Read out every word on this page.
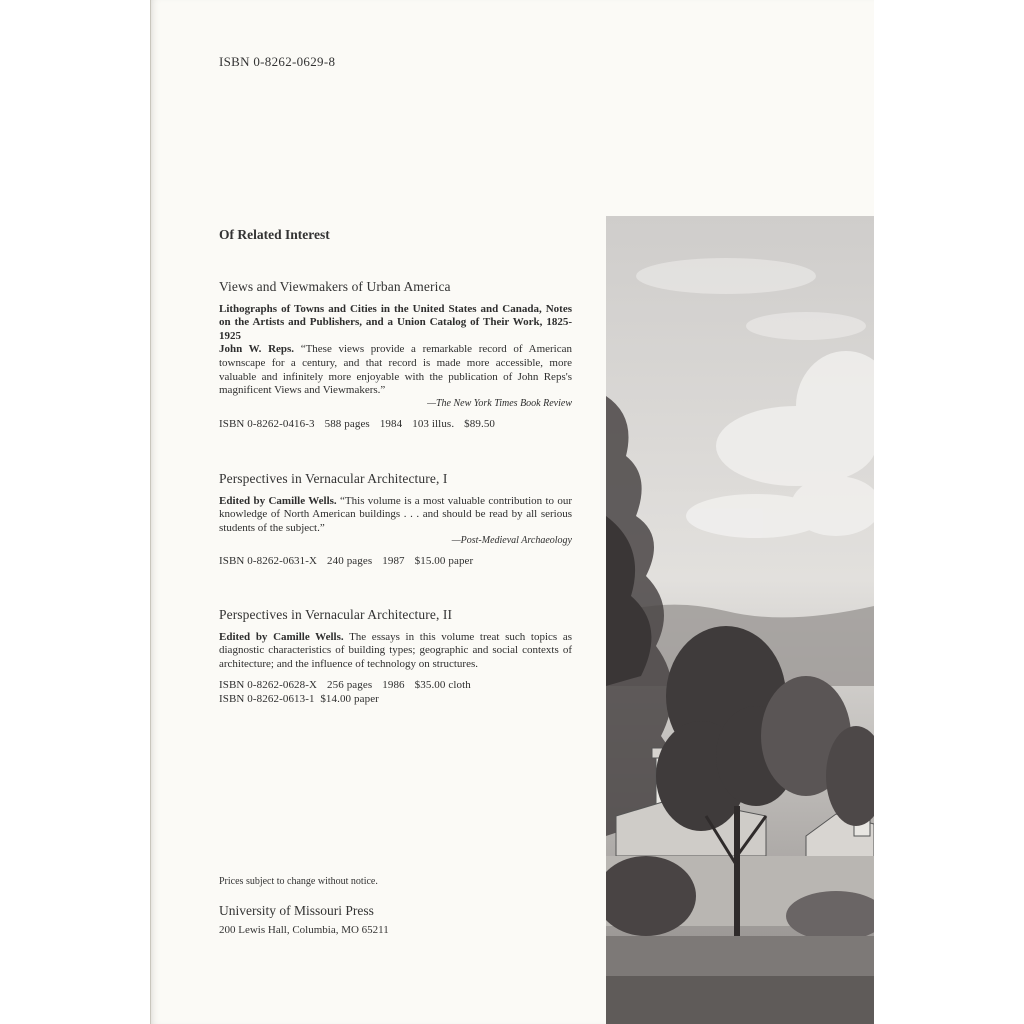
ISBN 0-8262-0629-8
Of Related Interest
Views and Viewmakers of Urban America

Lithographs of Towns and Cities in the United States and Canada, Notes on the Artists and Publishers, and a Union Catalog of Their Work, 1825-1925

John W. Reps. “These views provide a remarkable record of American townscape for a century, and that record is made more accessible, more valuable and infinitely more enjoyable with the publication of John Reps's magnificent Views and Viewmakers.”

—The New York Times Book Review
ISBN 0-8262-0416-3 588 pages 1984 103 illus. $89.50
Perspectives in Vernacular Architecture, I

Edited by Camille Wells. “This volume is a most valuable contribution to our knowledge of North American buildings . . . and should be read by all serious students of the subject.”

—Post-Medieval Archaeology
ISBN 0-8262-0631-X 240 pages 1987 $15.00 paper
Perspectives in Vernacular Architecture, II

Edited by Camille Wells. The essays in this volume treat such topics as diagnostic characteristics of building types; geographic and social contexts of architecture; and the influence of technology on structures.

ISBN 0-8262-0628-X 256 pages 1986 $35.00 cloth
ISBN 0-8262-0613-1 $14.00 paper
Prices subject to change without notice.
University of Missouri Press
200 Lewis Hall, Columbia, MO 65211
